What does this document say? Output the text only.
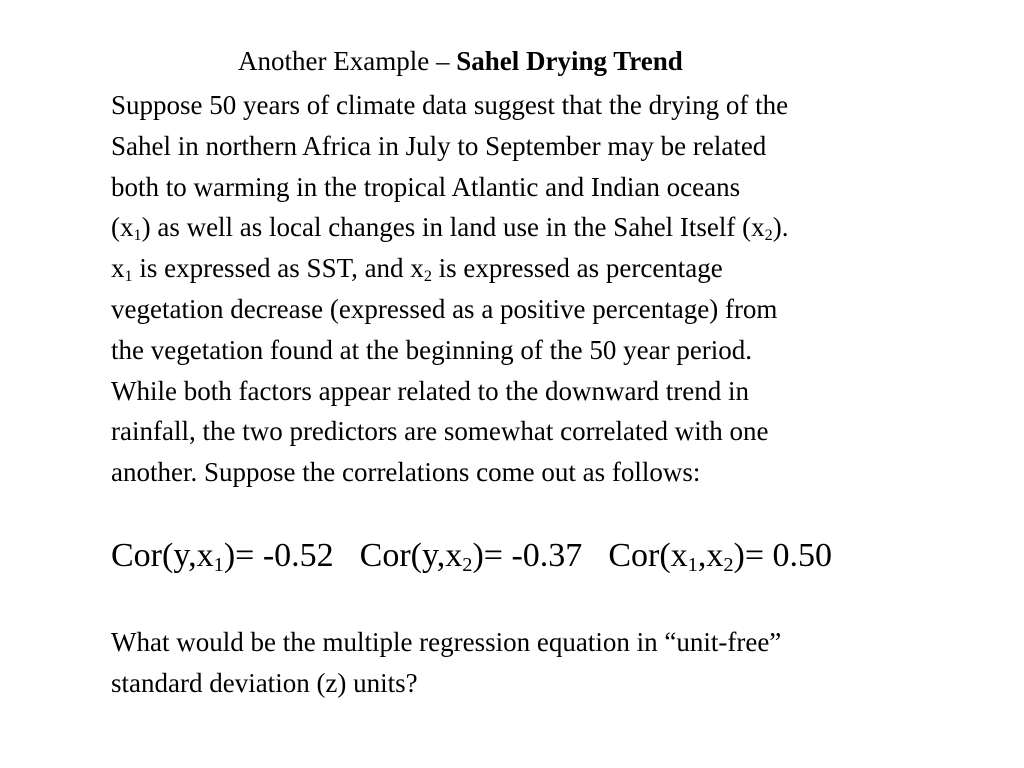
Another Example – Sahel Drying Trend
Suppose 50 years of climate data suggest that the drying of the
Sahel in northern Africa in July to September may be related
both to warming in the tropical Atlantic and Indian oceans
$(x_1)$ as well as local changes in land use in the Sahel Itself $(x_2)$.
$x_1$ is expressed as SST, and $x_2$ is expressed as percentage
vegetation decrease (expressed as a positive percentage) from
the vegetation found at the beginning of the 50 year period.
While both factors appear related to the downward trend in
rainfall, the two predictors are somewhat correlated with one
another. Suppose the correlations come out as follows:
$Cor(y,x_1)= -0.52$ $Cor(y,x_2)= -0.37$ $Cor(x_1,x_2)= 0.50$
What would be the multiple regression equation in “unit-free”
standard deviation (z) units?
